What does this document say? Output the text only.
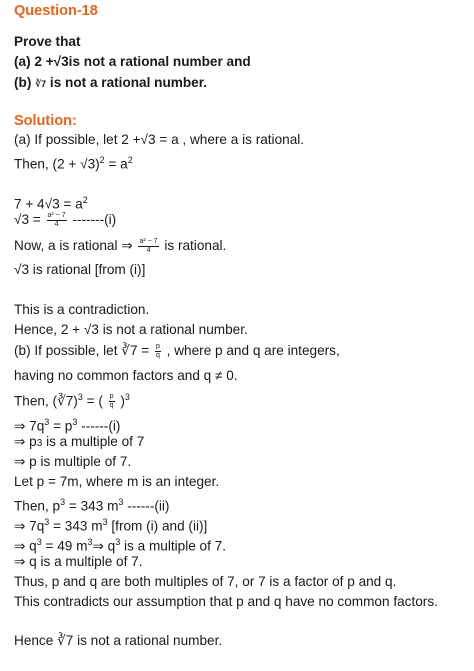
Question-18
Prove that
(a) 2 +√3is not a rational number and
(b) ∛7 is not a rational number.
Solution:
(a) If possible, let 2 +√3 = a , where a is rational.
Then, $(2 + √3)^2 = a^2$
$7 + 4√3 = a^2$
$√3 = \frac{\text{a² − 7}}{4} -------(i)$
Now, a is rational ⇒ $\frac{\text{a² − 7}}{4}$ is rational.
√3 is rational [from (i)]
This is a contradiction.
Hence, 2 + √3 is not a rational number.
(b) If possible, let ∛7 = $\frac{p}{q}$ , where p and q are integers,
having no common factors and q ≠ 0.
Then, (∛7)$^3$ = ( $\frac{p}{q} )^3$
⇒ $7q^3 = p^3$ ------(i)
⇒ p3 is a multiple of 7
⇒ p is multiple of 7.
Let p = 7m, where m is an integer.
Then, $p^3 = 343$ $m^3$ ------(ii)
⇒ $7q^3 = 343$ $m^3$ [from (i) and (ii)]
⇒ $q^3 = 49$ $m^3\Rightarrow$ $q^3$ is a multiple of 7.
⇒ q is a multiple of 7.
Thus, p and q are both multiples of 7, or 7 is a factor of p and q.
This contradicts our assumption that p and q have no common factors.
Hence ∛7 is not a rational number.
